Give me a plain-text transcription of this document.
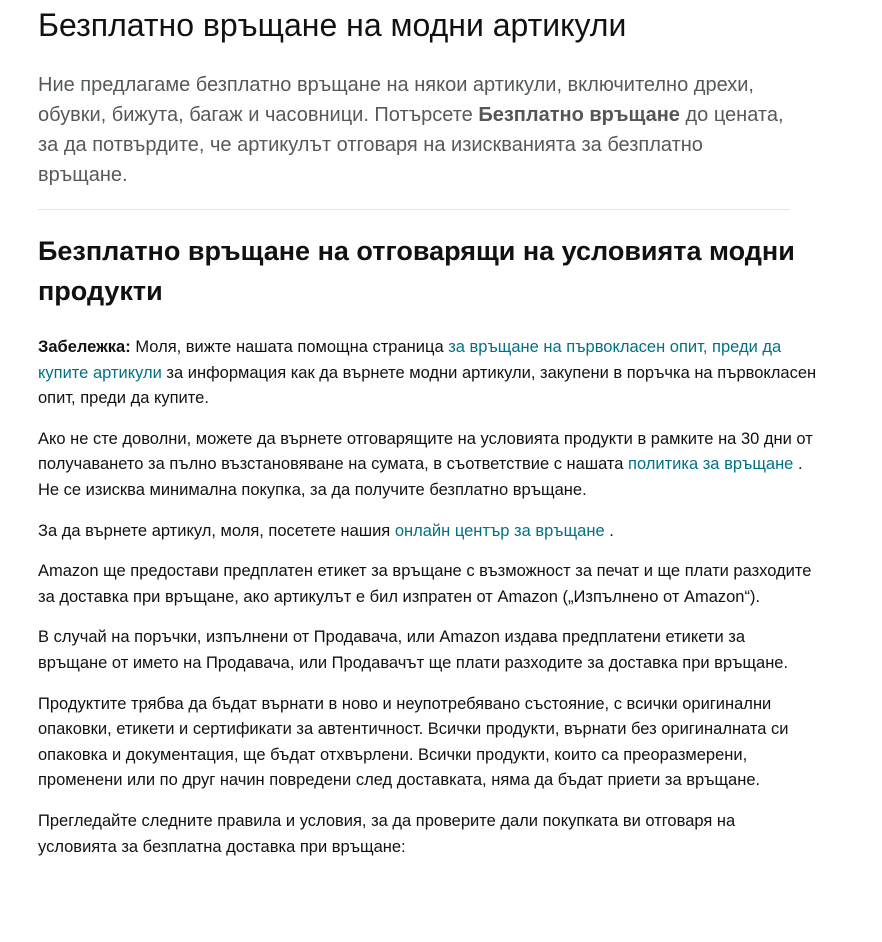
Безплатно връщане на модни артикули

Ние предлагаме безплатно връщане на някои артикули, включително дрехи, обувки, бижута, багаж и часовници. Потърсете Безплатно връщане до цената, за да потвърдите, че артикулът отговаря на изискванията за безплатно връщане.

Безплатно връщане на отговарящи на условията модни продукти

Забележка: Моля, вижте нашата помощна страница за връщане на първокласен опит, преди да купите артикули за информация как да върнете модни артикули, закупени в поръчка на първокласен опит, преди да купите.

Ако не сте доволни, можете да върнете отговарящите на условията продукти в рамките на 30 дни от получаването за пълно възстановяване на сумата, в съответствие с нашата политика за връщане . Не се изисква минимална покупка, за да получите безплатно връщане.

За да върнете артикул, моля, посетете нашия онлайн център за връщане .

Amazon ще предостави предплатен етикет за връщане с възможност за печат и ще плати разходите за доставка при връщане, ако артикулът е бил изпратен от Amazon („Изпълнено от Amazon“).

В случай на поръчки, изпълнени от Продавача, или Amazon издава предплатени етикети за връщане от името на Продавача, или Продавачът ще плати разходите за доставка при връщане.

Продуктите трябва да бъдат върнати в ново и неупотребявано състояние, с всички оригинални опаковки, етикети и сертификати за автентичност. Всички продукти, върнати без оригиналната си опаковка и документация, ще бъдат отхвърлени. Всички продукти, които са преоразмерени, променени или по друг начин повредени след доставката, няма да бъдат приети за връщане.

Прегледайте следните правила и условия, за да проверите дали покупката ви отговаря на условията за безплатна доставка при връщане:
